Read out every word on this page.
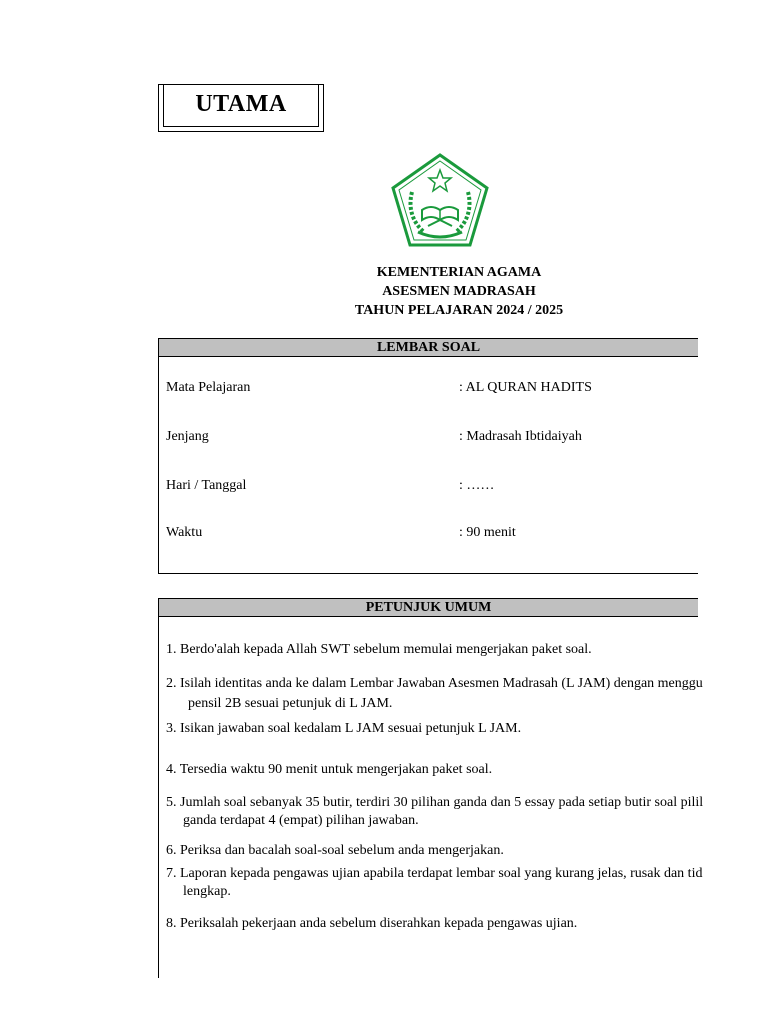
UTAMA
KEMENTERIAN AGAMA
ASESMEN MADRASAH
TAHUN PELAJARAN 2024 / 2025
LEMBAR SOAL
Mata Pelajaran	: AL QURAN HADITS
Jenjang	: Madrasah Ibtidaiyah
Hari / Tanggal	: ……
Waktu	: 90 menit
PETUNJUK UMUM
1. Berdo'alah kepada Allah SWT sebelum memulai mengerjakan paket soal.
2. Isilah identitas anda ke dalam Lembar Jawaban Asesmen Madrasah (L JAM) dengan menggu
pensil 2B sesuai petunjuk di L JAM.
3. Isikan jawaban soal kedalam L JAM sesuai petunjuk L JAM.
4. Tersedia waktu 90 menit untuk mengerjakan paket soal.
5. Jumlah soal sebanyak 35 butir, terdiri 30 pilihan ganda dan 5 essay pada setiap butir soal pilil
ganda terdapat 4 (empat) pilihan jawaban.
6. Periksa dan bacalah soal-soal sebelum anda mengerjakan.
7. Laporan kepada pengawas ujian apabila terdapat lembar soal yang kurang jelas, rusak dan tid
lengkap.
8. Periksalah pekerjaan anda sebelum diserahkan kepada pengawas ujian.
